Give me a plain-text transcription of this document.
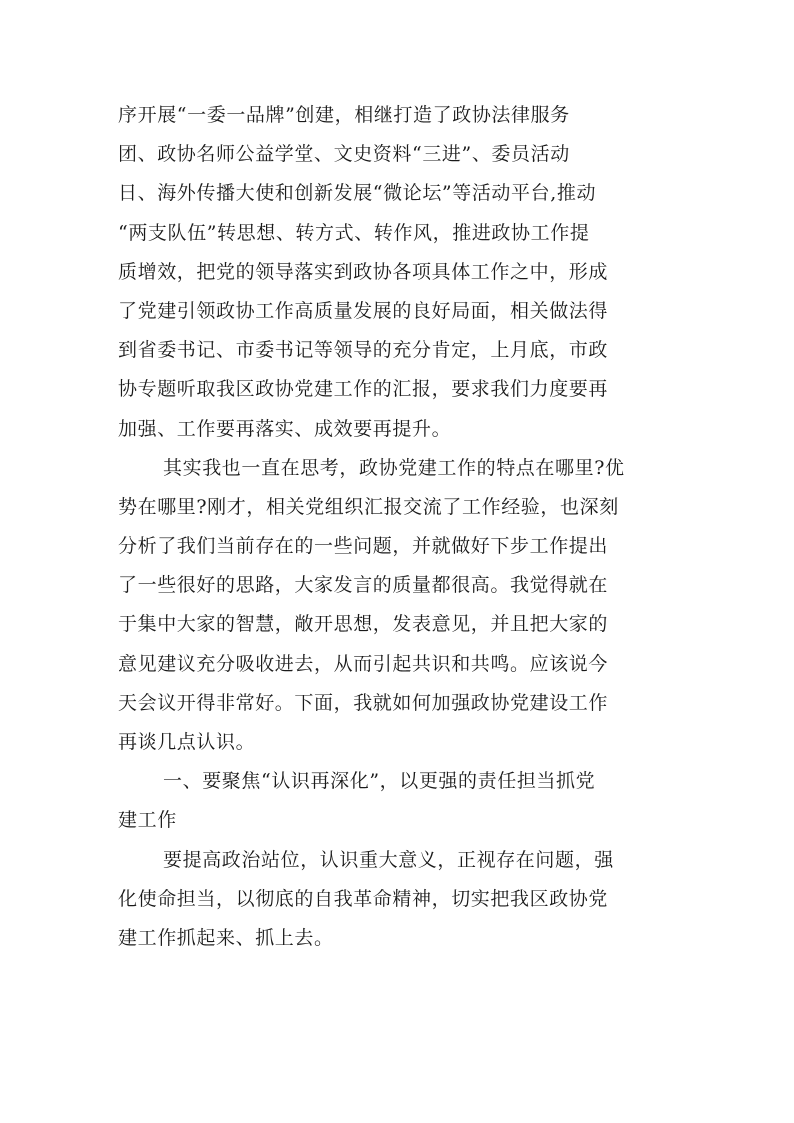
序开展“一委一品牌”创建，相继打造了政协法律服务
团、政协名师公益学堂、文史资料“三进”、委员活动
日、海外传播大使和创新发展“微论坛”等活动平台,推动
“两支队伍”转思想、转方式、转作风，推进政协工作提
质增效，把党的领导落实到政协各项具体工作之中，形成
了党建引领政协工作高质量发展的良好局面，相关做法得
到省委书记、市委书记等领导的充分肯定，上月底，市政
协专题听取我区政协党建工作的汇报，要求我们力度要再
加强、工作要再落实、成效要再提升。
其实我也一直在思考，政协党建工作的特点在哪里?优
势在哪里?刚才，相关党组织汇报交流了工作经验，也深刻
分析了我们当前存在的一些问题，并就做好下步工作提出
了一些很好的思路，大家发言的质量都很高。我觉得就在
于集中大家的智慧，敞开思想，发表意见，并且把大家的
意见建议充分吸收进去，从而引起共识和共鸣。应该说今
天会议开得非常好。下面，我就如何加强政协党建设工作
再谈几点认识。
一、要聚焦“认识再深化”，以更强的责任担当抓党
建工作
要提高政治站位，认识重大意义，正视存在问题，强
化使命担当，以彻底的自我革命精神，切实把我区政协党
建工作抓起来、抓上去。
